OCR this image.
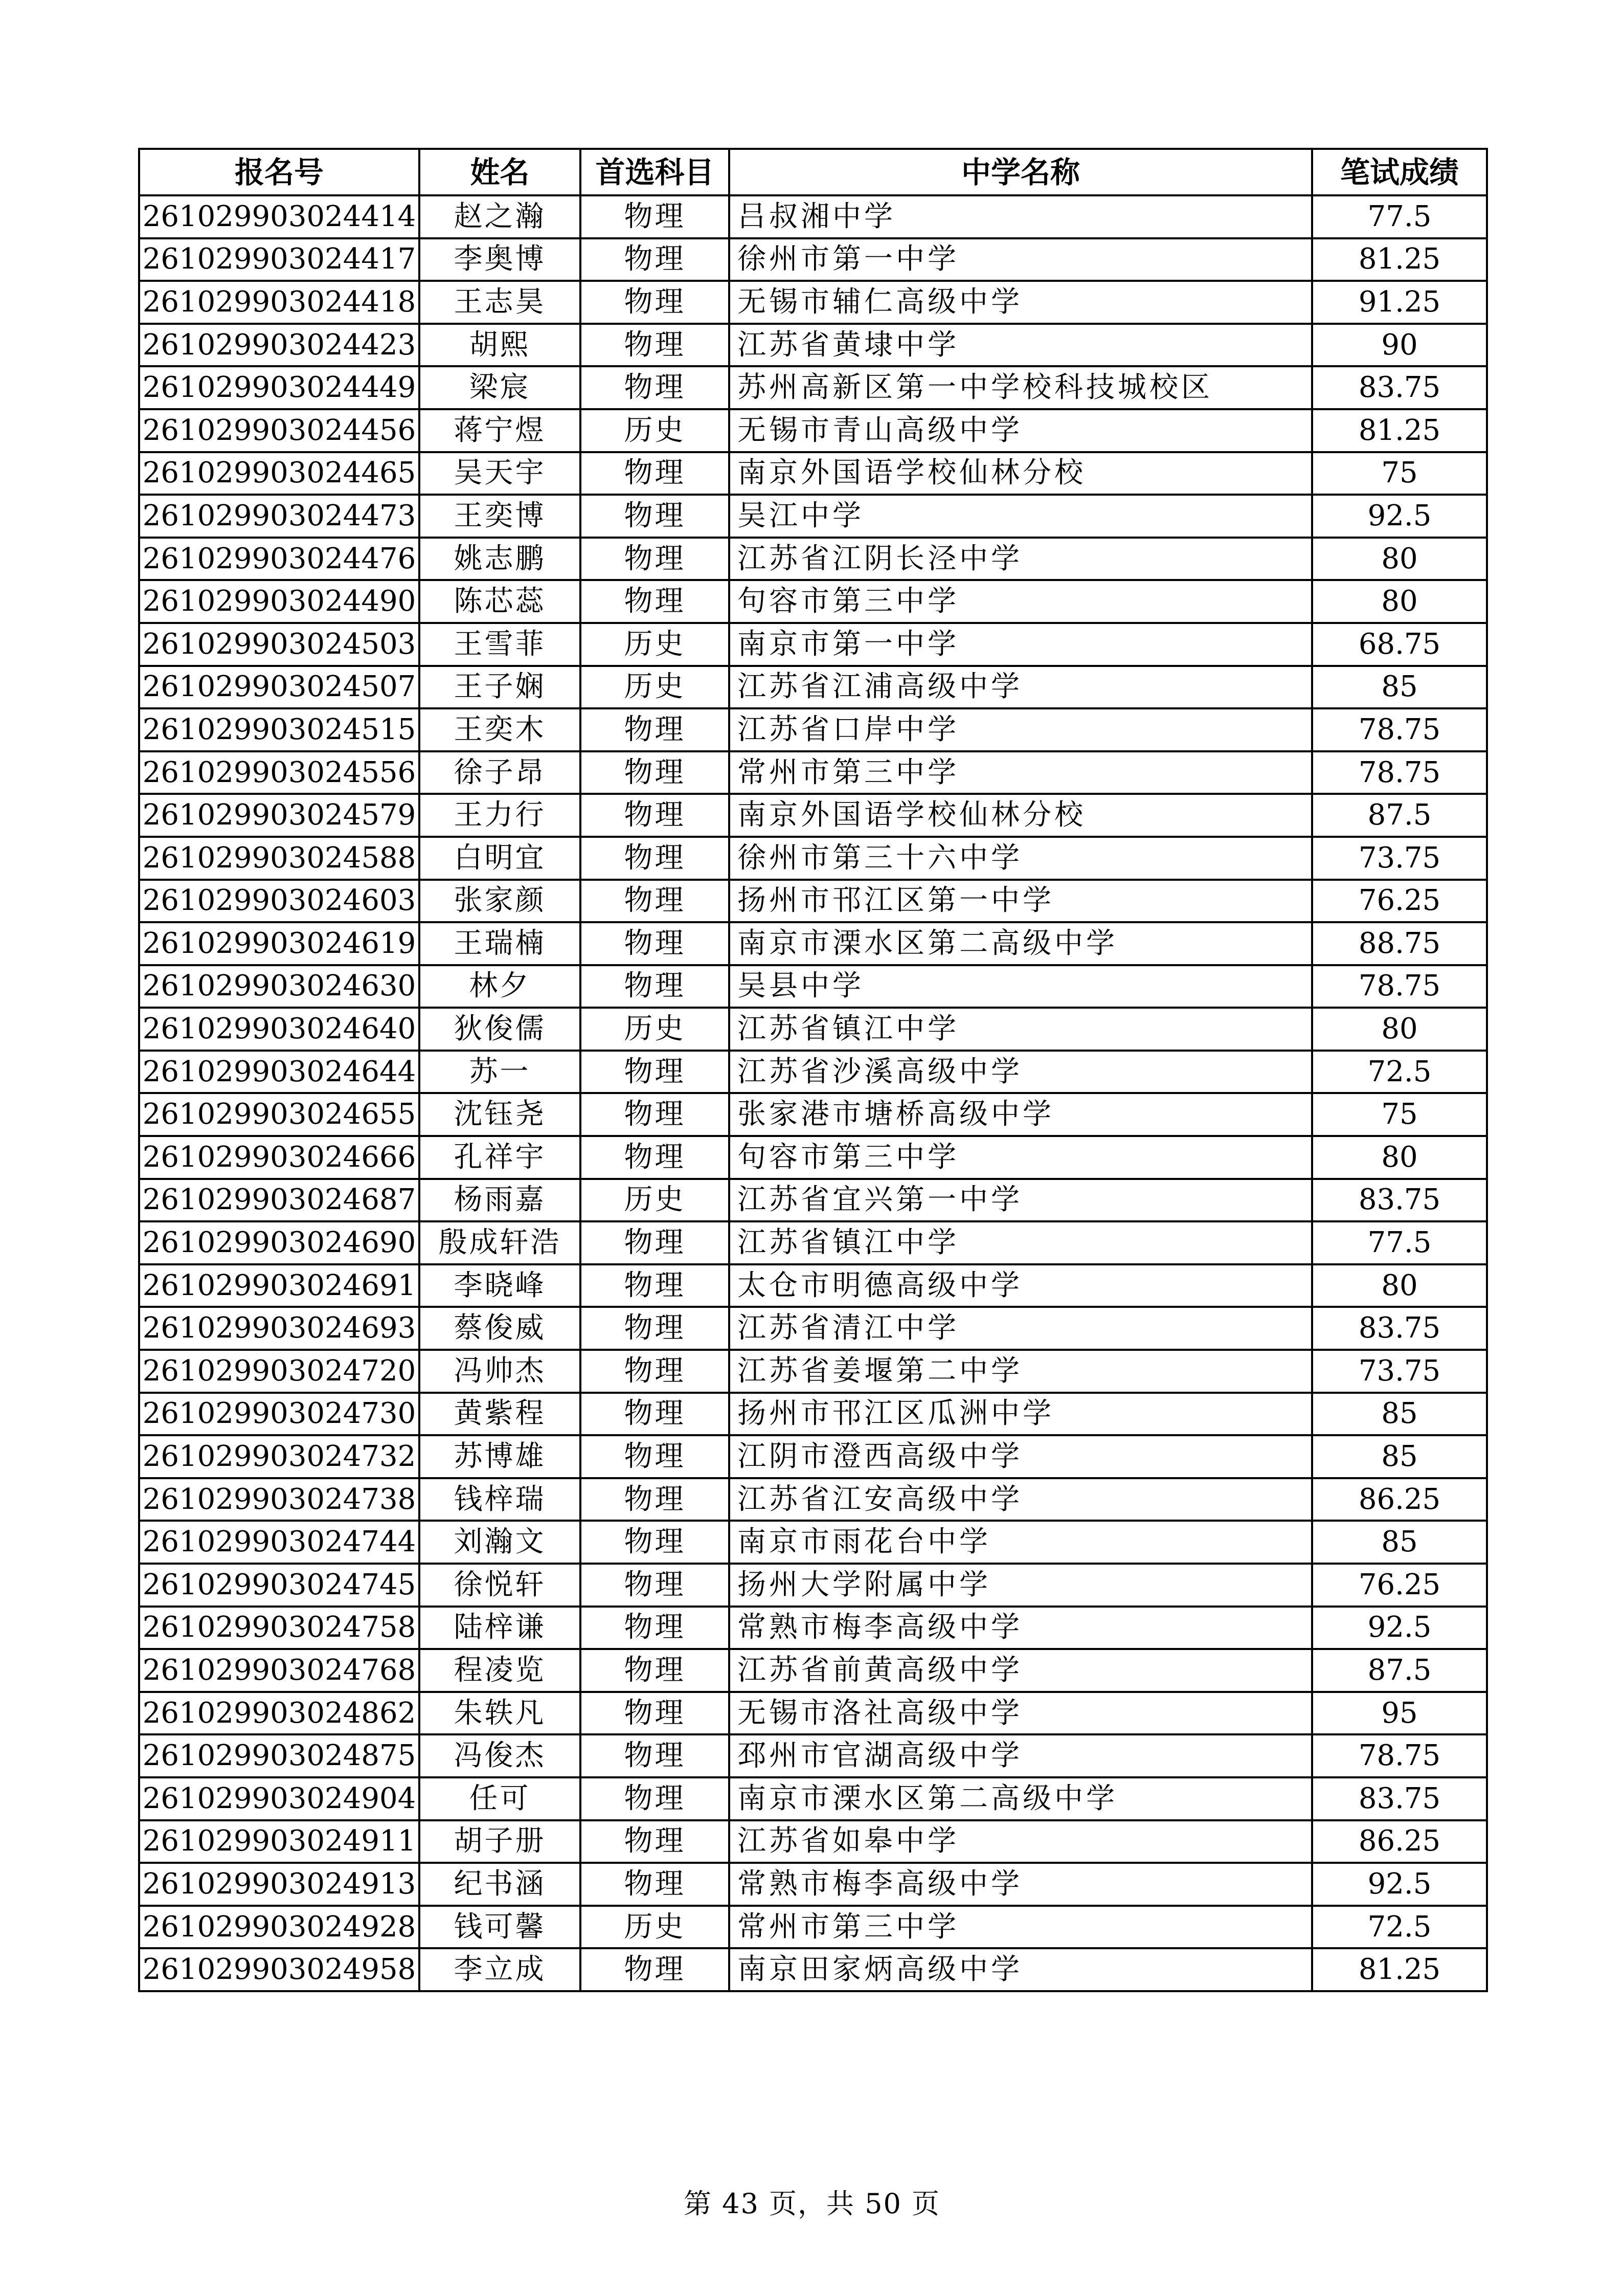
报名号	姓名	首选科目	中学名称	笔试成绩
261029903024414	赵之瀚	物理	吕叔湘中学	77.5
261029903024417	李奥博	物理	徐州市第一中学	81.25
261029903024418	王志昊	物理	无锡市辅仁高级中学	91.25
261029903024423	胡熙	物理	江苏省黄埭中学	90
261029903024449	梁宸	物理	苏州高新区第一中学校科技城校区	83.75
261029903024456	蒋宁煜	历史	无锡市青山高级中学	81.25
261029903024465	吴天宇	物理	南京外国语学校仙林分校	75
261029903024473	王奕博	物理	吴江中学	92.5
261029903024476	姚志鹏	物理	江苏省江阴长泾中学	80
261029903024490	陈芯蕊	物理	句容市第三中学	80
261029903024503	王雪菲	历史	南京市第一中学	68.75
261029903024507	王子娴	历史	江苏省江浦高级中学	85
261029903024515	王奕木	物理	江苏省口岸中学	78.75
261029903024556	徐子昂	物理	常州市第三中学	78.75
261029903024579	王力行	物理	南京外国语学校仙林分校	87.5
261029903024588	白明宜	物理	徐州市第三十六中学	73.75
261029903024603	张家颜	物理	扬州市邗江区第一中学	76.25
261029903024619	王瑞楠	物理	南京市溧水区第二高级中学	88.75
261029903024630	林夕	物理	吴县中学	78.75
261029903024640	狄俊儒	历史	江苏省镇江中学	80
261029903024644	苏一	物理	江苏省沙溪高级中学	72.5
261029903024655	沈钰尧	物理	张家港市塘桥高级中学	75
261029903024666	孔祥宇	物理	句容市第三中学	80
261029903024687	杨雨嘉	历史	江苏省宜兴第一中学	83.75
261029903024690	殷成轩浩	物理	江苏省镇江中学	77.5
261029903024691	李晓峰	物理	太仓市明德高级中学	80
261029903024693	蔡俊威	物理	江苏省清江中学	83.75
261029903024720	冯帅杰	物理	江苏省姜堰第二中学	73.75
261029903024730	黄紫程	物理	扬州市邗江区瓜洲中学	85
261029903024732	苏博雄	物理	江阴市澄西高级中学	85
261029903024738	钱梓瑞	物理	江苏省江安高级中学	86.25
261029903024744	刘瀚文	物理	南京市雨花台中学	85
261029903024745	徐悦轩	物理	扬州大学附属中学	76.25
261029903024758	陆梓谦	物理	常熟市梅李高级中学	92.5
261029903024768	程凌览	物理	江苏省前黄高级中学	87.5
261029903024862	朱轶凡	物理	无锡市洛社高级中学	95
261029903024875	冯俊杰	物理	邳州市官湖高级中学	78.75
261029903024904	任可	物理	南京市溧水区第二高级中学	83.75
261029903024911	胡子册	物理	江苏省如皋中学	86.25
261029903024913	纪书涵	物理	常熟市梅李高级中学	92.5
261029903024928	钱可馨	历史	常州市第三中学	72.5
261029903024958	李立成	物理	南京田家炳高级中学	81.25
第 43 页，共 50 页
